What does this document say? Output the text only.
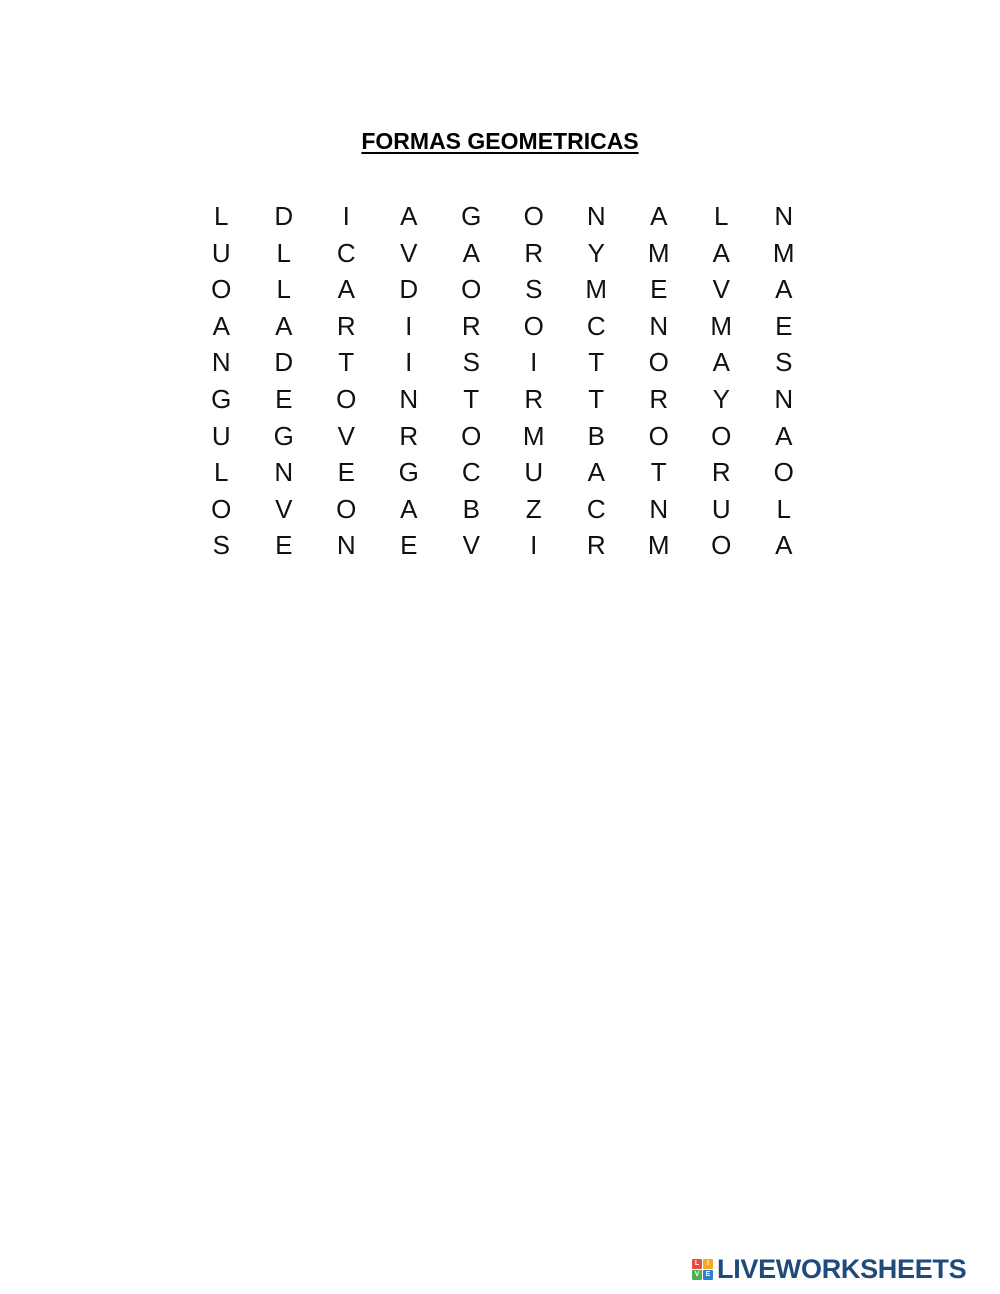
FORMAS GEOMETRICAS
L	D	I	A	G	O	N	A	L	N
U	L	C	V	A	R	Y	M	A	M
O	L	A	D	O	S	M	E	V	A
A	A	R	I	R	O	C	N	M	E
N	D	T	I	S	I	T	O	A	S
G	E	O	N	T	R	T	R	Y	N
U	G	V	R	O	M	B	O	O	A
L	N	E	G	C	U	A	T	R	O
O	V	O	A	B	Z	C	N	U	L
S	E	N	E	V	I	R	M	O	A
L	I
V E LIVEWORKSHEETS
